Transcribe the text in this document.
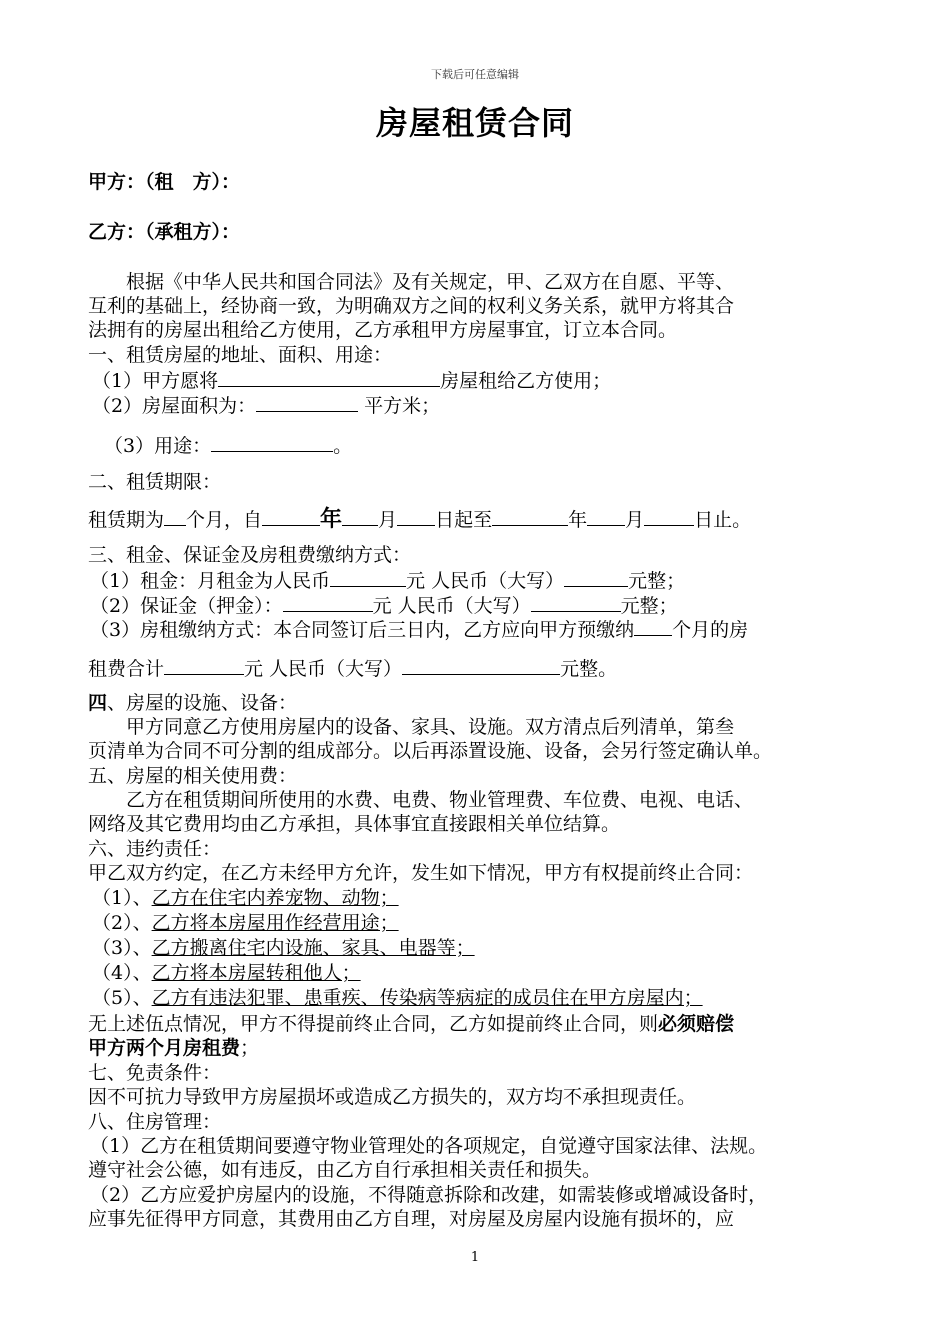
下载后可任意编辑
房屋租赁合同
甲方：（租　方）：
乙方：（承租方）：
　　根据《中华人民共和国合同法》及有关规定，甲、乙双方在自愿、平等、
互利的基础上，经协商一致，为明确双方之间的权利义务关系，就甲方将其合
法拥有的房屋出租给乙方使用，乙方承租甲方房屋事宜，订立本合同。
一、租赁房屋的地址、面积、用途：
（1）甲方愿将	房屋租给乙方使用；
（2）房屋面积为：	平方米；
（3）用途：	。
二、租赁期限：
租赁期为 个月，自	年 月 日起至	年 月	日止。
三、租金、保证金及房租费缴纳方式：
（1）租金：月租金为人民币	元 人民币（大写）	元整；
（2）保证金（押金）：	元 人民币（大写）	元整；
（3）房租缴纳方式：本合同签订后三日内，乙方应向甲方预缴纳 个月的房
租费合计	元 人民币（大写）	元整。
四、房屋的设施、设备：
　　甲方同意乙方使用房屋内的设备、家具、设施。双方清点后列清单，第叁
页清单为合同不可分割的组成部分。以后再添置设施、设备，会另行签定确认单。
五、房屋的相关使用费：
　　乙方在租赁期间所使用的水费、电费、物业管理费、车位费、电视、电话、
网络及其它费用均由乙方承担，具体事宜直接跟相关单位结算。
六、违约责任：
甲乙双方约定，在乙方未经甲方允许，发生如下情况，甲方有权提前终止合同：
（1）、乙方在住宅内养宠物、动物；
（2）、乙方将本房屋用作经营用途；
（3）、乙方搬离住宅内设施、家具、电器等；
（4）、乙方将本房屋转租他人；
（5）、乙方有违法犯罪、患重疾、传染病等病症的成员住在甲方房屋内；
无上述伍点情况，甲方不得提前终止合同，乙方如提前终止合同，则必须赔偿
甲方两个月房租费；
七、免责条件：
因不可抗力导致甲方房屋损坏或造成乙方损失的，双方均不承担现责任。
八、住房管理：
（1）乙方在租赁期间要遵守物业管理处的各项规定，自觉遵守国家法律、法规。
遵守社会公德，如有违反，由乙方自行承担相关责任和损失。
（2）乙方应爱护房屋内的设施，不得随意拆除和改建，如需装修或增减设备时，
应事先征得甲方同意，其费用由乙方自理，对房屋及房屋内设施有损坏的，应
1
